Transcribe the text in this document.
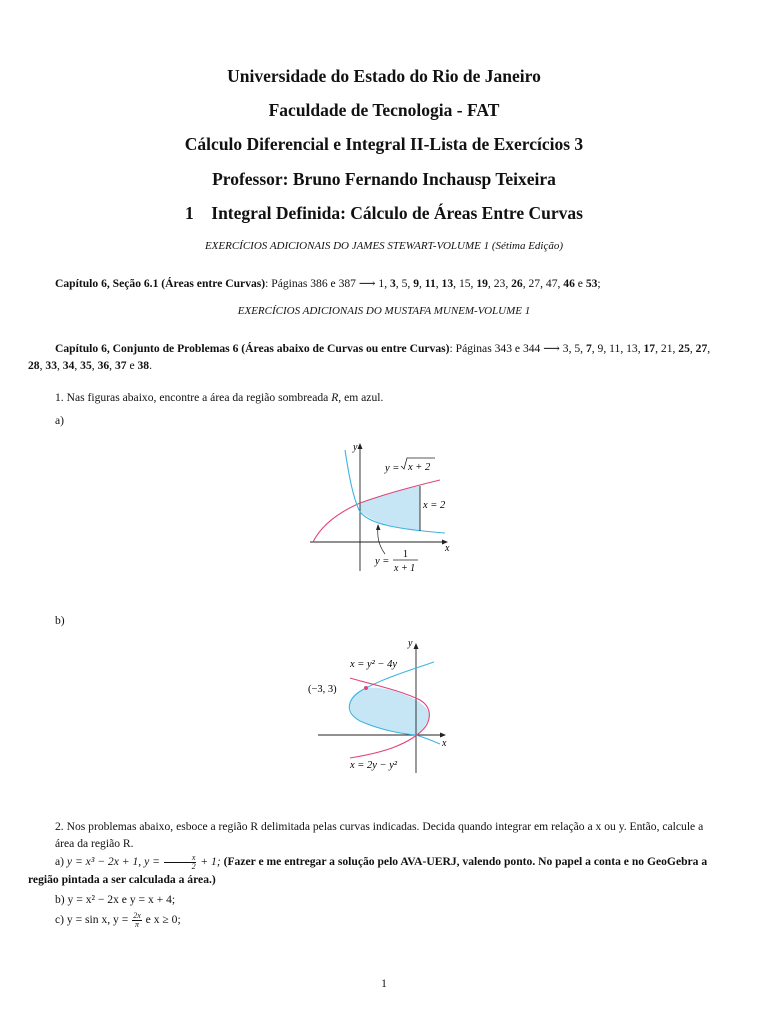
Universidade do Estado do Rio de Janeiro
Faculdade de Tecnologia - FAT
Cálculo Diferencial e Integral II-Lista de Exercícios 3
Professor: Bruno Fernando Inchausp Teixeira
1 Integral Definida: Cálculo de Áreas Entre Curvas
EXERCÍCIOS ADICIONAIS DO JAMES STEWART-VOLUME 1 (Sétima Edição)
Capítulo 6, Seção 6.1 (Áreas entre Curvas): Páginas 386 e 387 ⟶ 1, 3, 5, 9, 11, 13, 15, 19, 23, 26, 27, 47, 46 e 53;
EXERCÍCIOS ADICIONAIS DO MUSTAFA MUNEM-VOLUME 1
Capítulo 6, Conjunto de Problemas 6 (Áreas abaixo de Curvas ou entre Curvas): Páginas 343 e 344 ⟶ 3, 5, 7, 9, 11, 13, 17, 21, 25, 27, 28, 33, 34, 35, 36, 37 e 38.
1. Nas figuras abaixo, encontre a área da região sombreada R, em azul.
a)
y
x
y = x + 2
x = 2
y =
1
x + 1
b)
y
x
x = y² − 4y
(−3, 3)
x = 2y − y²
2. Nos problemas abaixo, esboce a região R delimitada pelas curvas indicadas. Decida quando integrar em relação a x ou y. Então, calcule a área da região R.
a) y = x³ − 2x + 1, $y = \frac{x}{2} + 1$; (Fazer e me entregar a solução pelo AVA-UERJ, valendo ponto. No papel a conta e no GeoGebra a região pintada a ser calculada a área.)
b) y = x² − 2x e y = x + 4;
c) y = sin x, $y = \frac{2x}{\pi}$ e x ≥ 0;
1
